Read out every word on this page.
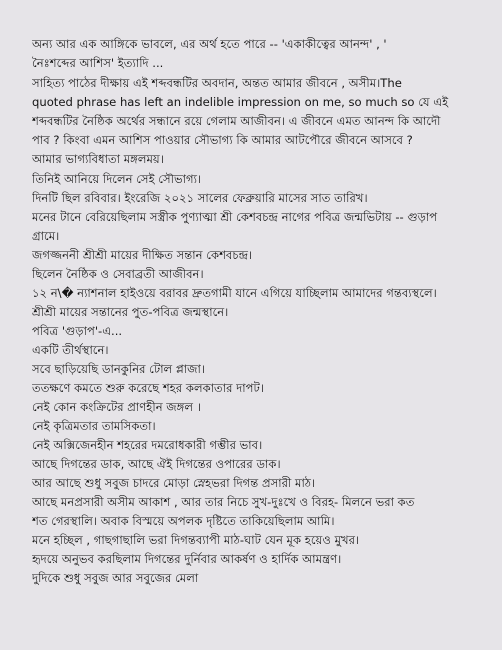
অন্য আর এক আঙ্গিকে ভাবলে, এর অর্থ হতে পারে -- 'একাকীত্বের আনন্দ' , '
নৈঃশব্দের আশিস' ইত্যাদি ...
সাহিত্য পাঠের দীক্ষায় এই শব্দবন্ধটির অবদান, অন্তত আমার জীবনে , অসীম।The
quoted phrase has left an indelible impression on me, so much so যে এই
শব্দবন্ধটির নৈষ্ঠিক অর্থের সন্ধানে রয়ে গেলাম আজীবন। এ জীবনে এমত আনন্দ কি আদৌ
পাব ? কিংবা এমন আশিস পাওয়ার সৌভাগ্য কি আমার আটপৌরে জীবনে আসবে ?
আমার ভাগ্যবিধাতা মঙ্গলময়।
তিনিই আনিয়ে দিলেন সেই সৌভাগ্য।
দিনটি ছিল রবিবার। ইংরেজি ২০২১ সালের ফেব্রুয়ারি মাসের সাত তারিখ।
মনের টানে বেরিয়েছিলাম সস্ত্রীক পুণ্যাত্মা শ্রী কেশবচন্দ্র নাগের পবিত্র জন্মভিটায় -- গুড়াপ
গ্রামে।
জগজ্জননী শ্রীশ্রী মায়ের দীক্ষিত সন্তান কেশবচন্দ্র।
ছিলেন নৈষ্ঠিক ও সেবাব্রতী আজীবন।
১২ ন\� ন্যাশনাল হাইওয়ে বরাবর দ্রুতগামী যানে এগিয়ে যাচ্ছিলাম আমাদের গন্তব্যস্থলে।
শ্রীশ্রী মায়ের সন্তানের পুত-পবিত্র জন্মস্থানে।
পবিত্র 'গুড়াপ'-এ...
একটি তীর্থস্থানে।
সবে ছাড়িয়েছি ডানকুনির টোল প্লাজা।
ততক্ষণে কমতে শুরু করেছে শহর কলকাতার দাপট।
নেই কোন কংক্রিটের প্রাণহীন জঙ্গল ।
নেই কৃত্রিমতার তামসিকতা।
নেই অক্সিজেনহীন শহরের দমরোধকারী গম্ভীর ভাব।
আছে দিগন্তের ডাক, আছে ঐই দিগন্তের ওপারের ডাক।
আর আছে শুধু সবুজ চাদরে মোড়া স্নেহভরা দিগন্ত প্রসারী মাঠ।
আছে মনপ্রসারী অসীম আকাশ , আর তার নিচে সুখ-দুঃখে ও বিরহ- মিলনে ভরা কত
শত গেরস্থালি। অবাক বিস্ময়ে অপলক দৃষ্টিতে তাকিয়েছিলাম আমি।
মনে হচ্ছিল , গাছগাছালি ভরা দিগন্তব্যাপী মাঠ-ঘাট যেন মূক হয়েও মুখর।
হৃদয়ে অনুভব করছিলাম দিগন্তের দুর্নিবার আকর্ষণ ও হার্দিক আমন্ত্রণ।
দুদিকে শুধু সবুজ আর সবুজের মেলা
